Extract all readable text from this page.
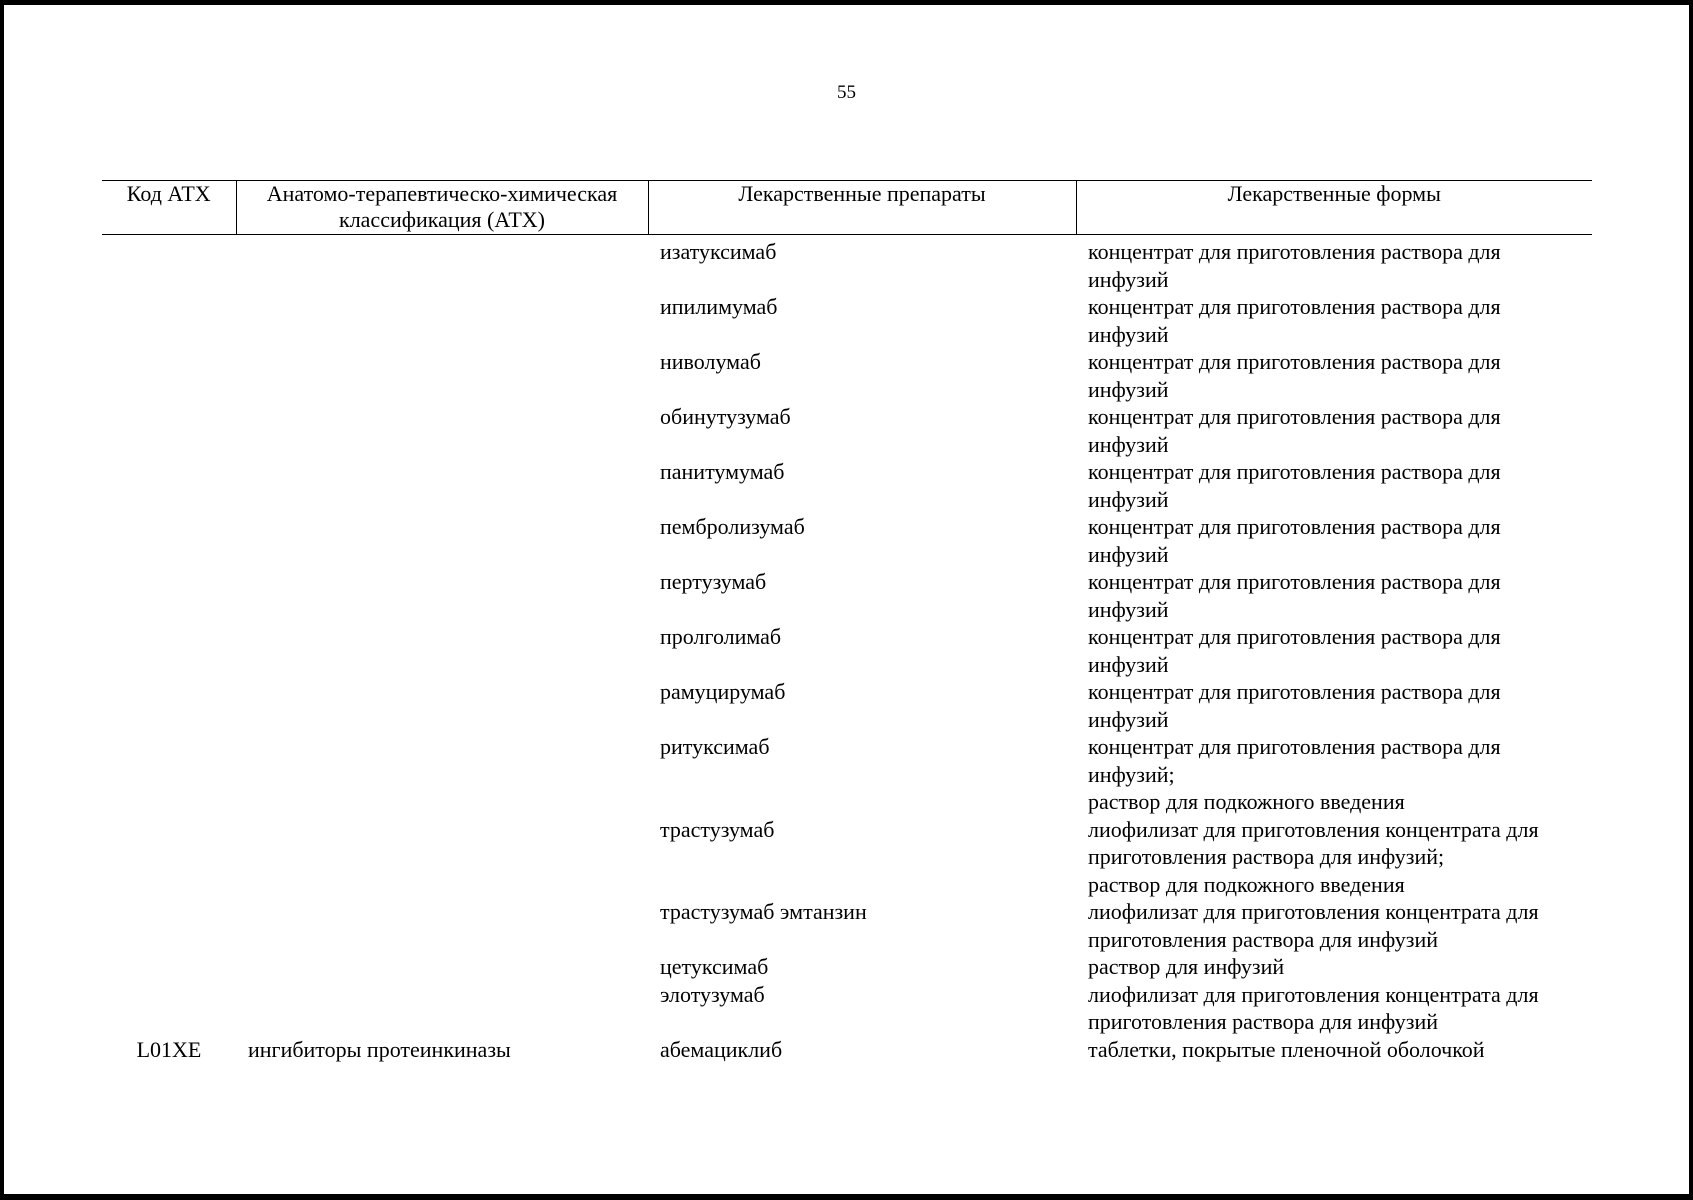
55
Код АТХ	Анатомо-терапевтическо-химическая классификация (АТХ)	Лекарственные препараты	Лекарственные формы
		изатуксимаб	концентрат для приготовления раствора для инфузий

		ипилимумаб	концентрат для приготовления раствора для инфузий

		ниволумаб	концентрат для приготовления раствора для инфузий

		обинутузумаб	концентрат для приготовления раствора для инфузий

		панитумумаб	концентрат для приготовления раствора для инфузий

		пембролизумаб	концентрат для приготовления раствора для инфузий

		пертузумаб	концентрат для приготовления раствора для инфузий

		пролголимаб	концентрат для приготовления раствора для инфузий

		рамуцирумаб	концентрат для приготовления раствора для инфузий

		ритуксимаб	концентрат для приготовления раствора для инфузий;
раствор для подкожного введения

		трастузумаб	лиофилизат для приготовления концентрата для приготовления раствора для инфузий;
раствор для подкожного введения

		трастузумаб эмтанзин	лиофилизат для приготовления концентрата для приготовления раствора для инфузий

		цетуксимаб	раствор для инфузий

		элотузумаб	лиофилизат для приготовления концентрата для приготовления раствора для инфузий

L01XE	ингибиторы протеинкиназы	абемациклиб	таблетки, покрытые пленочной оболочкой
